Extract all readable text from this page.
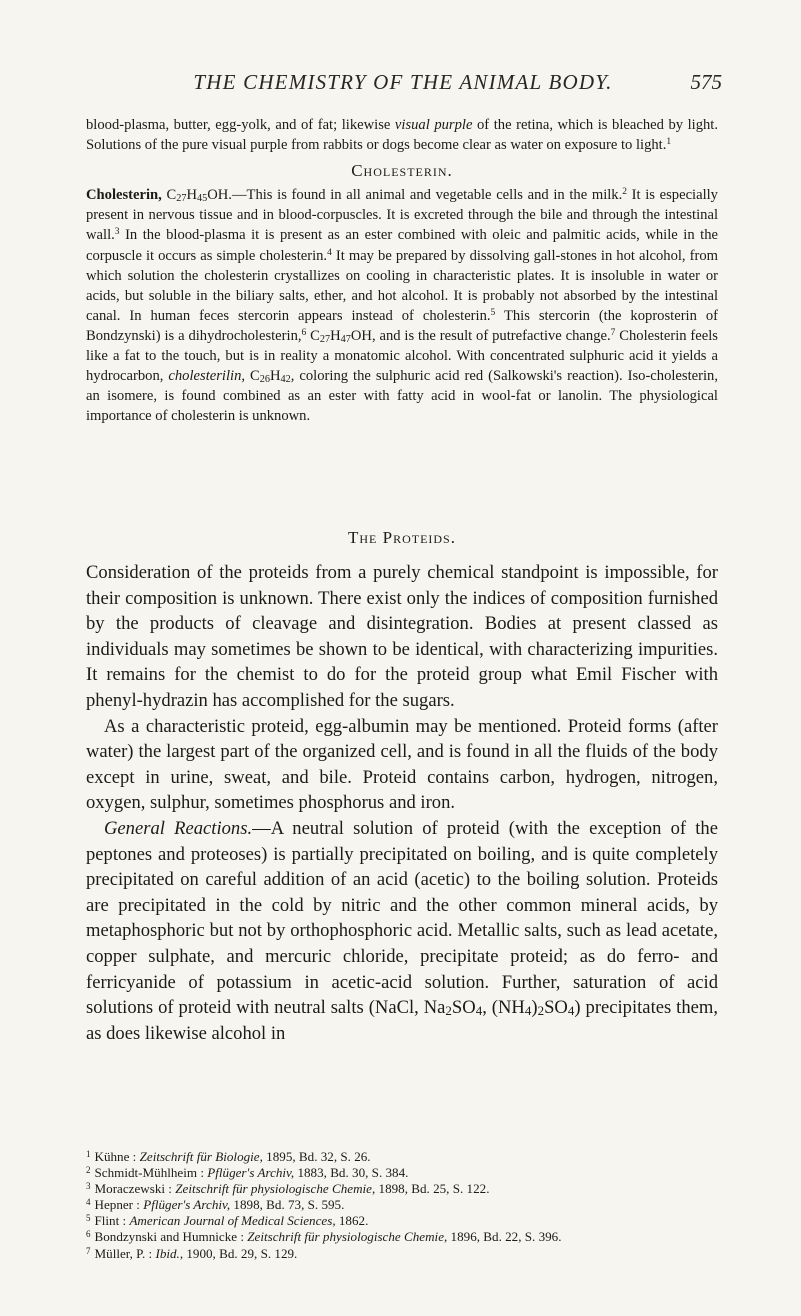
THE CHEMISTRY OF THE ANIMAL BODY.	575

blood-plasma, butter, egg-yolk, and of fat; likewise visual purple of the retina, which is bleached by light. Solutions of the pure visual purple from rabbits or dogs become clear as water on exposure to light.$^1$

Cholesterin.

Cholesterin, $C_{27}H_{45}OH.—This$ is found in all animal and vegetable cells and in the milk.$^2$ It is especially present in nervous tissue and in blood-corpuscles. It is excreted through the bile and through the intestinal wall.$^3$ In the blood-plasma it is present as an ester combined with oleic and palmitic acids, while in the corpuscle it occurs as simple cholesterin.$^4$ It may be prepared by dissolving gall-stones in hot alcohol, from which solution the cholesterin crystallizes on cooling in characteristic plates. It is insoluble in water or acids, but soluble in the biliary salts, ether, and hot alcohol. It is probably not absorbed by the intestinal canal. In human feces stercorin appears instead of cholesterin.$^5$ This stercorin (the koprosterin of Bondzynski) is a dihydrocholesterin,$^6$ $C_{27}H_{47}OH$, and is the result of putrefactive change.$^7$ Cholesterin feels like a fat to the touch, but is in reality a monatomic alcohol. With concentrated sulphuric acid it yields a hydrocarbon, cholesterilin, $C_{26}H_{42}$, coloring the sulphuric acid red (Salkowski's reaction). Iso-cholesterin, an isomere, is found combined as an ester with fatty acid in wool-fat or lanolin. The physiological importance of cholesterin is unknown.

The Proteids.

Consideration of the proteids from a purely chemical standpoint is impossible, for their composition is unknown. There exist only the indices of composition furnished by the products of cleavage and disintegration. Bodies at present classed as individuals may sometimes be shown to be identical, with characterizing impurities. It remains for the chemist to do for the proteid group what Emil Fischer with phenyl-hydrazin has accomplished for the sugars.

As a characteristic proteid, egg-albumin may be mentioned. Proteid forms (after water) the largest part of the organized cell, and is found in all the fluids of the body except in urine, sweat, and bile. Proteid contains carbon, hydrogen, nitrogen, oxygen, sulphur, sometimes phosphorus and iron.

General Reactions.—A neutral solution of proteid (with the exception of the peptones and proteoses) is partially precipitated on boiling, and is quite completely precipitated on careful addition of an acid (acetic) to the boiling solution. Proteids are precipitated in the cold by nitric and the other common mineral acids, by metaphosphoric but not by orthophosphoric acid. Metallic salts, such as lead acetate, copper sulphate, and mercuric chloride, precipitate proteid; as do ferro- and ferricyanide of potassium in acetic-acid solution. Further, saturation of acid solutions of proteid with neutral salts (NaCl, $Na_2SO_4$, $(NH_4)_2SO_4$) precipitates them, as does likewise alcohol in

$^1$ Kühne : Zeitschrift für Biologie, 1895, Bd. 32, S. 26.
$^2$ Schmidt-Mühlheim : Pflüger's Archiv, 1883, Bd. 30, S. 384.
$^3$ Moraczewski : Zeitschrift für physiologische Chemie, 1898, Bd. 25, S. 122.
$^4$ Hepner : Pflüger's Archiv, 1898, Bd. 73, S. 595.
$^5$ Flint : American Journal of Medical Sciences, 1862.
$^6$ Bondzynski and Humnicke : Zeitschrift für physiologische Chemie, 1896, Bd. 22, S. 396.
$^7$ Müller, P. : Ibid., 1900, Bd. 29, S. 129.
